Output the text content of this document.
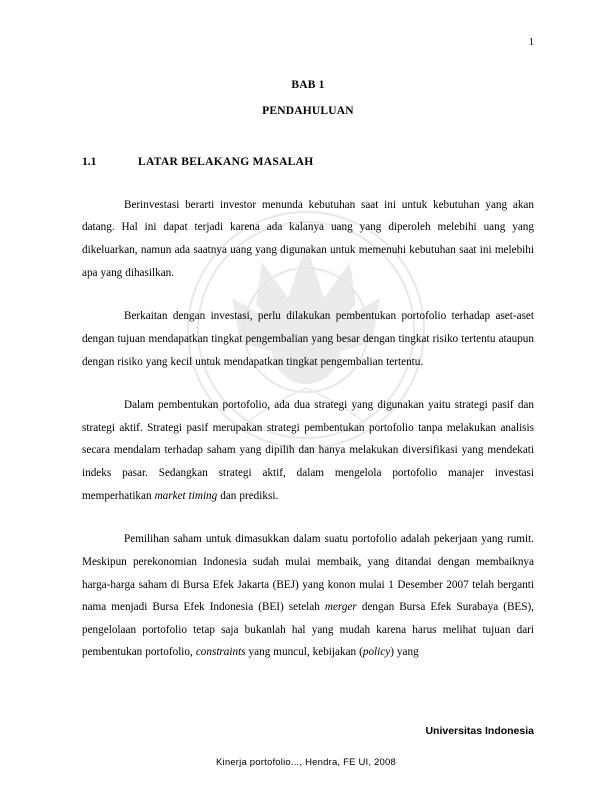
1
BAB 1
PENDAHULUAN
1.1	LATAR BELAKANG MASALAH

Berinvestasi berarti investor menunda kebutuhan saat ini untuk kebutuhan yang akan datang. Hal ini dapat terjadi karena ada kalanya uang yang diperoleh melebihi uang yang dikeluarkan, namun ada saatnya uang yang digunakan untuk memenuhi kebutuhan saat ini melebihi apa yang dihasilkan.

Berkaitan dengan investasi, perlu dilakukan pembentukan portofolio terhadap aset-aset dengan tujuan mendapatkan tingkat pengembalian yang besar dengan tingkat risiko tertentu ataupun dengan risiko yang kecil untuk mendapatkan tingkat pengembalian tertentu.

Dalam pembentukan portofolio, ada dua strategi yang digunakan yaitu strategi pasif dan strategi aktif. Strategi pasif merupakan strategi pembentukan portofolio tanpa melakukan analisis secara mendalam terhadap saham yang dipilih dan hanya melakukan diversifikasi yang mendekati indeks pasar. Sedangkan strategi aktif, dalam mengelola portofolio manajer investasi memperhatikan market timing dan prediksi.

Pemilihan saham untuk dimasukkan dalam suatu portofolio adalah pekerjaan yang rumit. Meskipun perekonomian Indonesia sudah mulai membaik, yang ditandai dengan membaiknya harga-harga saham di Bursa Efek Jakarta (BEJ) yang konon mulai 1 Desember 2007 telah berganti nama menjadi Bursa Efek Indonesia (BEI) setelah merger dengan Bursa Efek Surabaya (BES), pengelolaan portofolio tetap saja bukanlah hal yang mudah karena harus melihat tujuan dari pembentukan portofolio, constraints yang muncul, kebijakan (policy) yang

Universitas Indonesia
Kinerja portofolio..., Hendra, FE UI, 2008
